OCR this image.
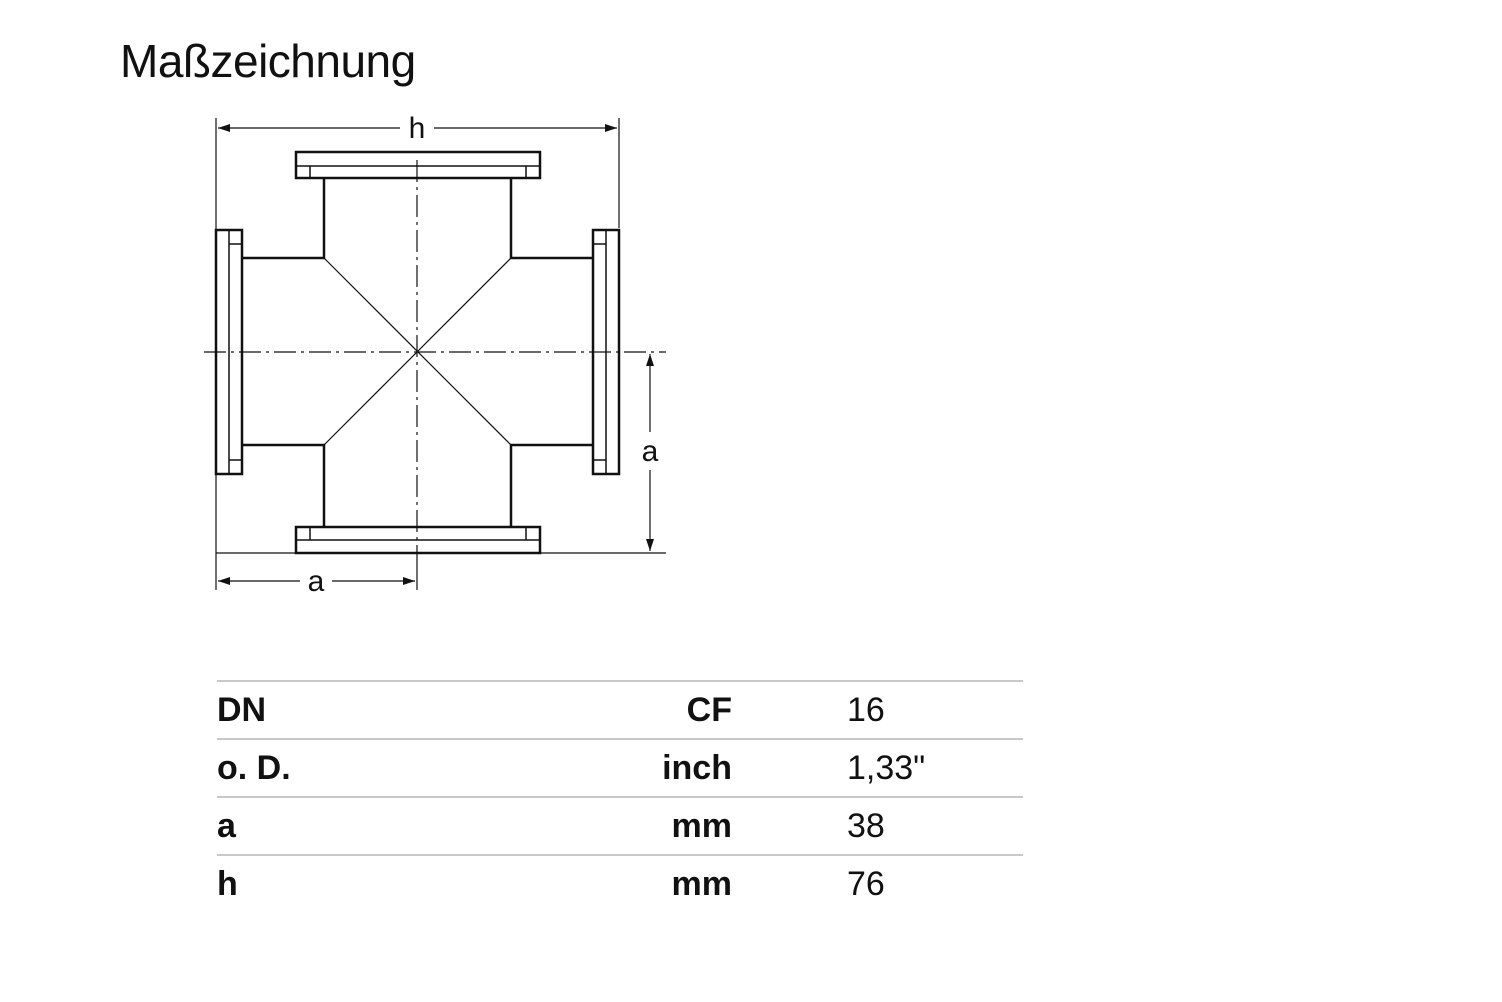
Maßzeichnung
h
a
a
DN	CF	16
o. D.	inch	1,33"
a	mm	38
h	mm	76
